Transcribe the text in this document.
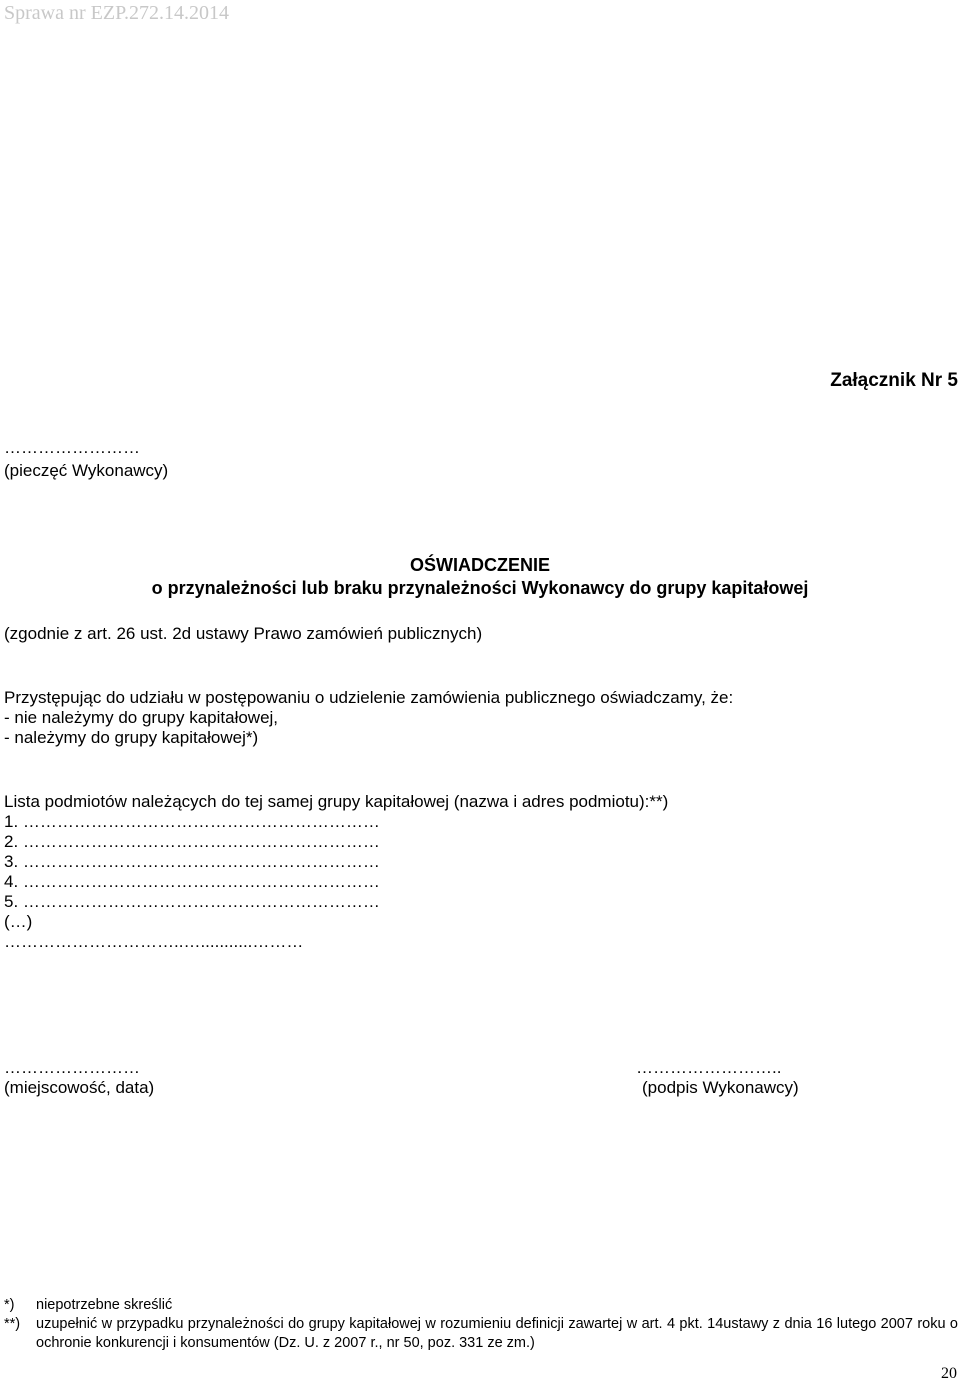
Sprawa nr EZP.272.14.2014
Załącznik Nr 5
……………………
(pieczęć Wykonawcy)
OŚWIADCZENIE
o przynależności lub braku przynależności Wykonawcy do grupy kapitałowej
(zgodnie z art. 26 ust. 2d ustawy Prawo zamówień publicznych)
Przystępując do udziału w postępowaniu o udzielenie zamówienia publicznego oświadczamy, że:
- nie należymy do grupy kapitałowej,
- należymy do grupy kapitałowej*)
Lista podmiotów należących do tej samej grupy kapitałowej (nazwa i adres podmiotu):**)
1. ………………………………………………………
2. ………………………………………………………
3. ………………………………………………………
4. ………………………………………………………
5. ………………………………………………………
(…)
…………………………..…...........………
……………………
(miejscowość, data)
……………………..
(podpis Wykonawcy)
*)	niepotrzebne skreślić
**)	uzupełnić w przypadku przynależności do grupy kapitałowej w rozumieniu definicji zawartej w art. 4 pkt. 14ustawy z dnia 16 lutego 2007 roku o ochronie konkurencji i konsumentów (Dz. U. z 2007 r., nr 50, poz. 331 ze zm.)
20
